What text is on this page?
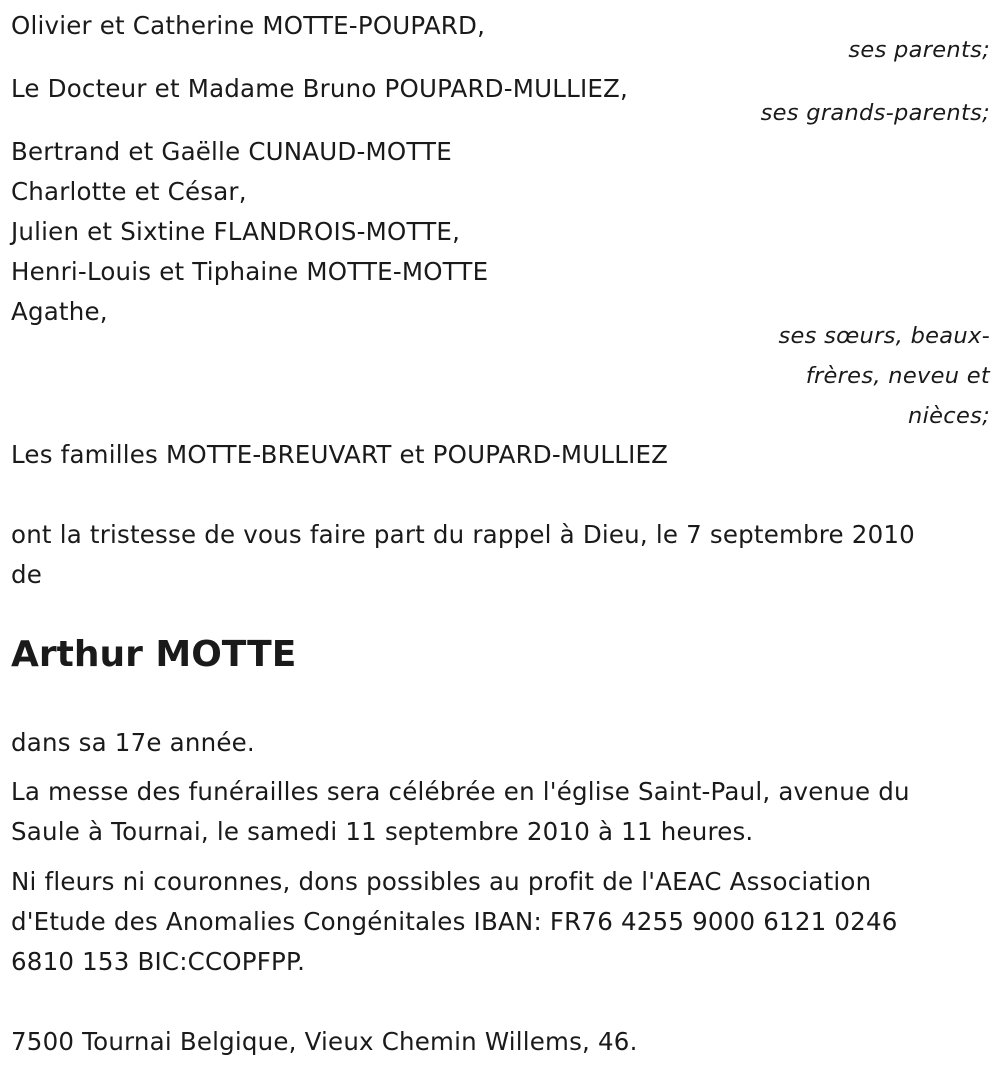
Olivier et Catherine MOTTE-POUPARD,
ses parents;
Le Docteur et Madame Bruno POUPARD-MULLIEZ,
ses grands-parents;
Bertrand et Gaëlle CUNAUD-MOTTE
Charlotte et César,
Julien et Sixtine FLANDROIS-MOTTE,
Henri-Louis et Tiphaine MOTTE-MOTTE
Agathe,
ses sœurs, beaux-
frères, neveu et
nièces;
Les familles MOTTE-BREUVART et POUPARD-MULLIEZ
ont la tristesse de vous faire part du rappel à Dieu, le 7 septembre 2010
de
Arthur MOTTE
dans sa 17e année.
La messe des funérailles sera célébrée en l'église Saint-Paul, avenue du
Saule à Tournai, le samedi 11 septembre 2010 à 11 heures.
Ni fleurs ni couronnes, dons possibles au profit de l'AEAC Association
d'Etude des Anomalies Congénitales IBAN: FR76 4255 9000 6121 0246
6810 153 BIC:CCOPFPP.
7500 Tournai Belgique, Vieux Chemin Willems, 46.
